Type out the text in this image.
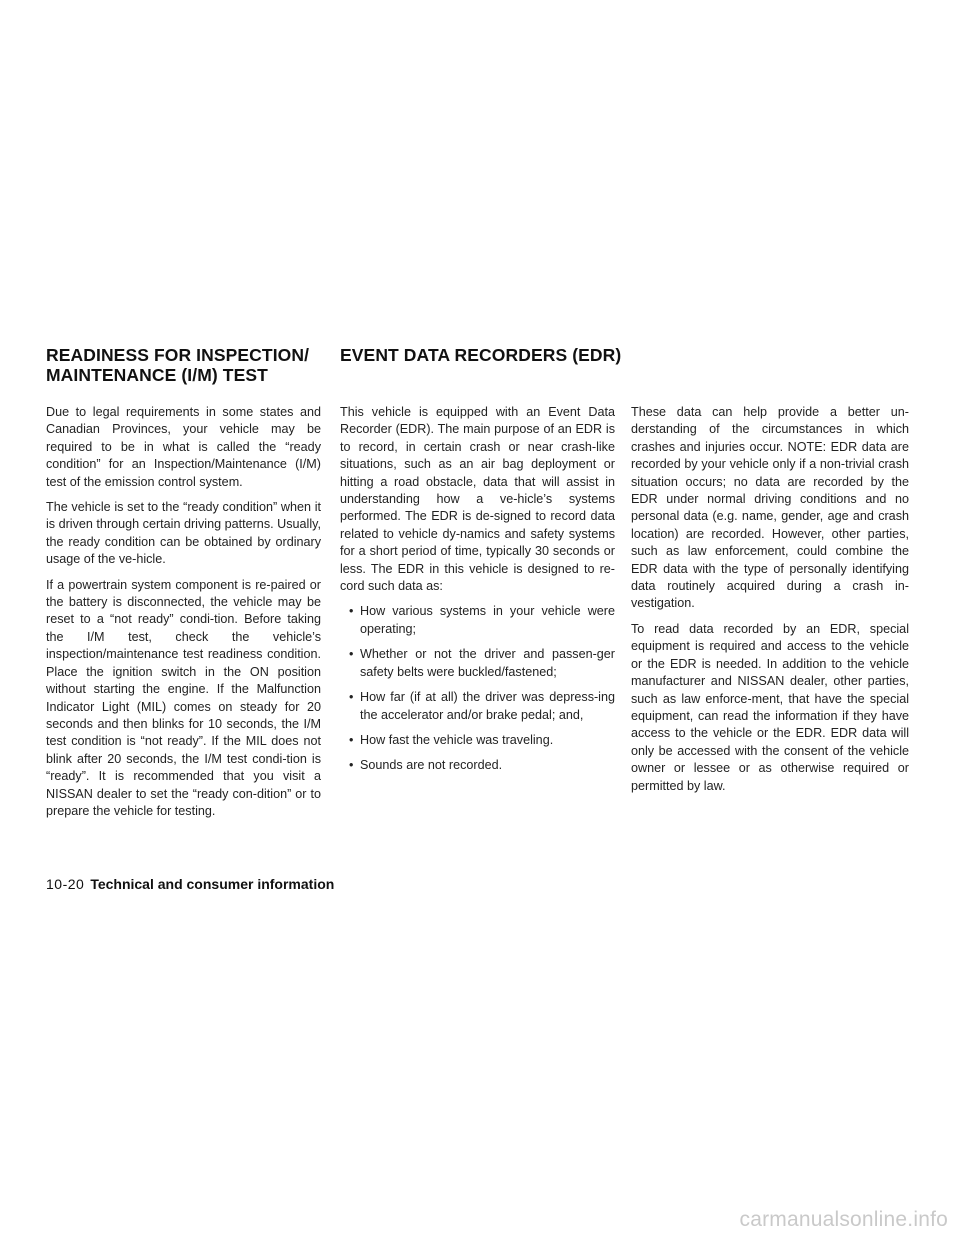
READINESS FOR INSPECTION/
MAINTENANCE (I/M) TEST
EVENT DATA RECORDERS (EDR)

Due to legal requirements in some states and Canadian Provinces, your vehicle may be required to be in what is called the “ready condition” for an Inspection/Maintenance (I/M) test of the emission control system.

The vehicle is set to the “ready condition” when it is driven through certain driving patterns. Usually, the ready condition can be obtained by ordinary usage of the ve-hicle.

If a powertrain system component is re-paired or the battery is disconnected, the vehicle may be reset to a “not ready” condi-tion. Before taking the I/M test, check the vehicle’s inspection/maintenance test readiness condition. Place the ignition switch in the ON position without starting the engine. If the Malfunction Indicator Light (MIL) comes on steady for 20 seconds and then blinks for 10 seconds, the I/M test condition is “not ready”. If the MIL does not blink after 20 seconds, the I/M test condi-tion is “ready”. It is recommended that you visit a NISSAN dealer to set the “ready con-dition” or to prepare the vehicle for testing.

This vehicle is equipped with an Event Data Recorder (EDR). The main purpose of an EDR is to record, in certain crash or near crash-like situations, such as an air bag deployment or hitting a road obstacle, data that will assist in understanding how a ve-hicle’s systems performed. The EDR is de-signed to record data related to vehicle dy-namics and safety systems for a short period of time, typically 30 seconds or less. The EDR in this vehicle is designed to re-cord such data as:

• How various systems in your vehicle were operating;
• Whether or not the driver and passen-ger safety belts were buckled/fastened;
• How far (if at all) the driver was depress-ing the accelerator and/or brake pedal; and,
• How fast the vehicle was traveling.
• Sounds are not recorded.

These data can help provide a better un-derstanding of the circumstances in which crashes and injuries occur. NOTE: EDR data are recorded by your vehicle only if a non-trivial crash situation occurs; no data are recorded by the EDR under normal driving conditions and no personal data (e.g. name, gender, age and crash location) are recorded. However, other parties, such as law enforcement, could combine the EDR data with the type of personally identifying data routinely acquired during a crash in-vestigation.

To read data recorded by an EDR, special equipment is required and access to the vehicle or the EDR is needed. In addition to the vehicle manufacturer and NISSAN dealer, other parties, such as law enforce-ment, that have the special equipment, can read the information if they have access to the vehicle or the EDR. EDR data will only be accessed with the consent of the vehicle owner or lessee or as otherwise required or permitted by law.

10-20 Technical and consumer information
carmanualsonline.info
